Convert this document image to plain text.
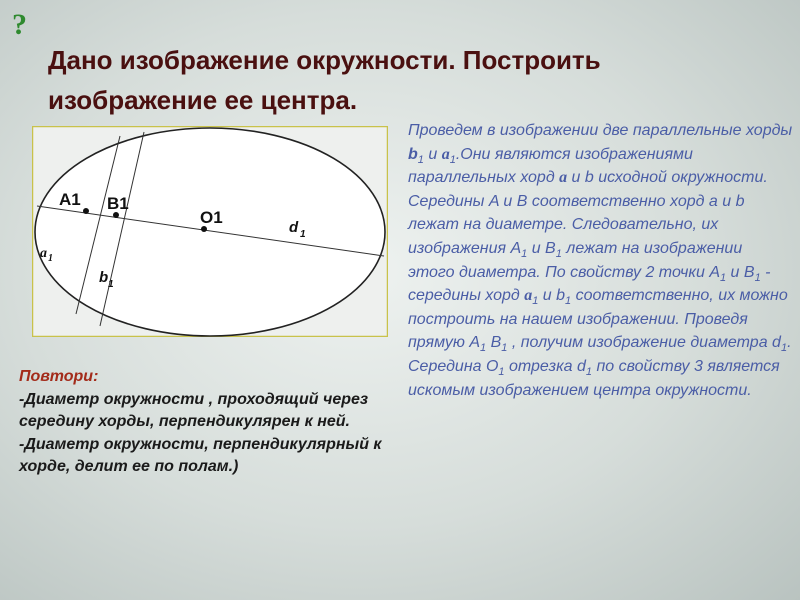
?
Дано изображение окружности. Построить
изображение ее центра.
A1 B1
O1
d 1
a 1
b 1
Проведем в изображении две параллельные хорды $b_1$ и $a_1.Они$ являются изображениями параллельных хорд a и b исходной окружности. Середины A и B соответственно хорд a и b лежат на диаметре. Следовательно, их изображения $A_1$ и $B_1$ лежат на изображении этого диаметра. По свойству 2 точки $A_1$ и $B_1$ - середины хорд $a_1$ и $b_1$ соответственно, их можно построить на нашем изображении. Проведя прямую $A_1$ $B_1$ , получим изображение диаметра $d_1$. Середина $O_1$ отрезка $d_1$ по свойству 3 является искомым изображением центра окружности.
Повтори:
-Диаметр окружности , проходящий через середину хорды, перпендикулярен к ней.
-Диаметр окружности, перпендикулярный к хорде, делит ее по полам.)
